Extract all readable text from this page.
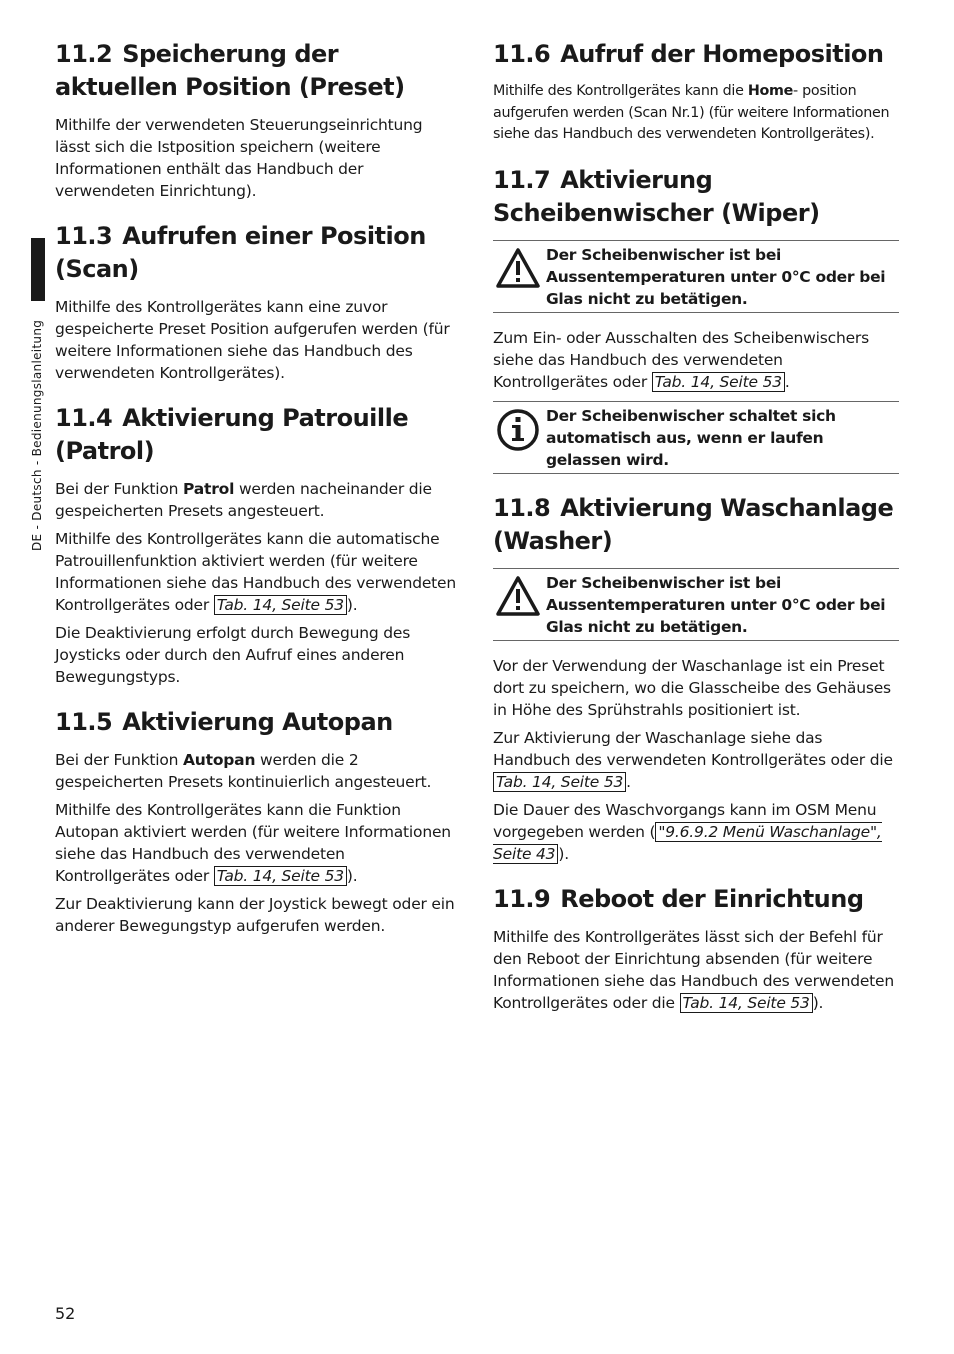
DE - Deutsch - Bedienungslanleitung
11.2 Speicherung der aktuellen Position (Preset)

Mithilfe der verwendeten Steuerungseinrichtung lässt sich die Istposition speichern (weitere Informationen enthält das Handbuch der verwendeten Einrichtung).

11.3 Aufrufen einer Position (Scan)

Mithilfe des Kontrollgerätes kann eine zuvor gespeicherte Preset Position aufgerufen werden (für weitere Informationen siehe das Handbuch des verwendeten Kontrollgerätes).

11.4 Aktivierung Patrouille (Patrol)

Bei der Funktion Patrol werden nacheinander die gespeicherten Presets angesteuert.

Mithilfe des Kontrollgerätes kann die automatische Patrouillenfunktion aktiviert werden (für weitere Informationen siehe das Handbuch des verwendeten Kontrollgerätes oder Tab. 14, Seite 53 ).

Die Deaktivierung erfolgt durch Bewegung des Joysticks oder durch den Aufruf eines anderen Bewegungstyps.

11.5 Aktivierung Autopan

Bei der Funktion Autopan werden die 2 gespeicherten Presets kontinuierlich angesteuert.

Mithilfe des Kontrollgerätes kann die Funktion Autopan aktiviert werden (für weitere Informationen siehe das Handbuch des verwendeten Kontrollgerätes oder Tab. 14, Seite 53 ).

Zur Deaktivierung kann der Joystick bewegt oder ein anderer Bewegungstyp aufgerufen werden.

11.6 Aufruf der Homeposition

Mithilfe des Kontrollgerätes kann die Home- position aufgerufen werden (Scan Nr.1) (für weitere Informationen siehe das Handbuch des verwendeten Kontrollgerätes).

11.7 Aktivierung Scheibenwischer (Wiper)
Der Scheibenwischer ist bei Aussentemperaturen unter 0°C oder bei Glas nicht zu betätigen.

Zum Ein- oder Ausschalten des Scheibenwischers siehe das Handbuch des verwendeten Kontrollgerätes oder Tab. 14, Seite 53 .

Der Scheibenwischer schaltet sich automatisch aus, wenn er laufen gelassen wird.
11.8 Aktivierung Waschanlage (Washer)
Der Scheibenwischer ist bei Aussentemperaturen unter 0°C oder bei Glas nicht zu betätigen.

Vor der Verwendung der Waschanlage ist ein Preset dort zu speichern, wo die Glasscheibe des Gehäuses in Höhe des Sprühstrahls positioniert ist.

Zur Aktivierung der Waschanlage siehe das Handbuch des verwendeten Kontrollgerätes oder die Tab. 14, Seite 53 .

Die Dauer des Waschvorgangs kann im OSM Menu vorgegeben werden ( "9.6.9.2 Menü Waschanlage", Seite 43 ).

11.9 Reboot der Einrichtung

Mithilfe des Kontrollgerätes lässt sich der Befehl für den Reboot der Einrichtung absenden (für weitere Informationen siehe das Handbuch des verwendeten Kontrollgerätes oder die Tab. 14, Seite 53 ).

52
